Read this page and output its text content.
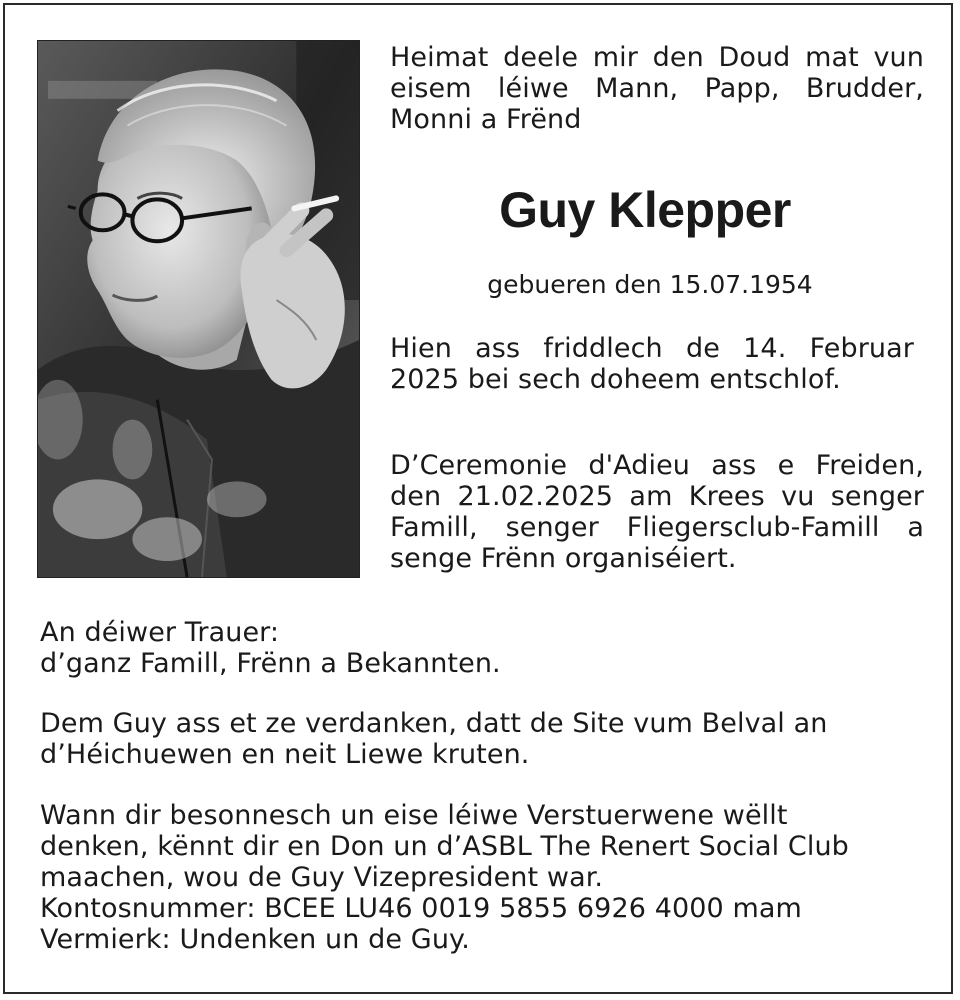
Heimat deele mir den Doud mat vun eisem léiwe Mann, Papp, Brudder, Monni a Frënd

Guy Klepper

gebueren den 15.07.1954

Hien ass friddlech de 14. Februar 2025 bei sech doheem entschlof.

D’Ceremonie d'Adieu ass e Freiden, den 21.02.2025 am Krees vu senger Famill, senger Fliegersclub-Famill a senge Frënn organiséiert.

An déiwer Trauer:
d’ganz Famill, Frënn a Bekannten.
Dem Guy ass et ze verdanken, datt de Site vum Belval an
d’Héichuewen en neit Liewe kruten.
Wann dir besonnesch un eise léiwe Verstuerwene wëllt
denken, kënnt dir en Don un d’ASBL The Renert Social Club
maachen, wou de Guy Vizepresident war.
Kontosnummer: BCEE LU46 0019 5855 6926 4000 mam
Vermierk: Undenken un de Guy.
